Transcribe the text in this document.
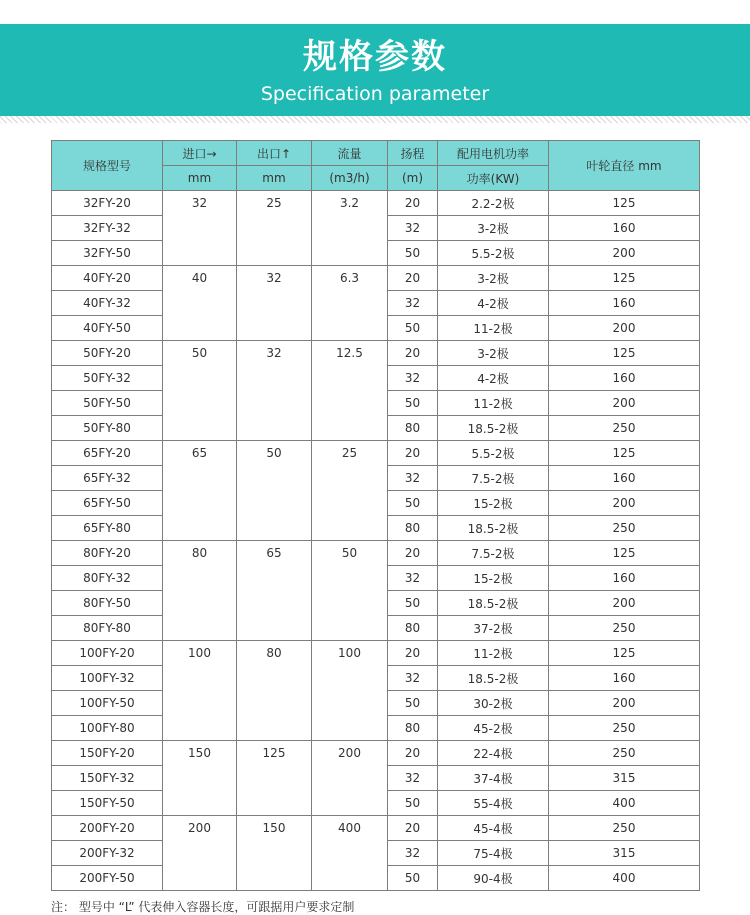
规格参数
Specification parameter
规格型号	进口→	出口↑	流量	扬程	配用电机功率	叶轮直径 mm
	mm	mm	(m3/h)	(m)	功率(KW)	
32FY-20	32	25	3.2	20	2.2-2极	125
32FY-32				32	3-2极	160
32FY-50				50	5.5-2极	200
40FY-20	40	32	6.3	20	3-2极	125
40FY-32				32	4-2极	160
40FY-50				50	11-2极	200
50FY-20	50	32	12.5	20	3-2极	125
50FY-32				32	4-2极	160
50FY-50				50	11-2极	200
50FY-80				80	18.5-2极	250
65FY-20	65	50	25	20	5.5-2极	125
65FY-32				32	7.5-2极	160
65FY-50				50	15-2极	200
65FY-80				80	18.5-2极	250
80FY-20	80	65	50	20	7.5-2极	125
80FY-32				32	15-2极	160
80FY-50				50	18.5-2极	200
80FY-80				80	37-2极	250
100FY-20	100	80	100	20	11-2极	125
100FY-32				32	18.5-2极	160
100FY-50				50	30-2极	200
100FY-80				80	45-2极	250
150FY-20	150	125	200	20	22-4极	250
150FY-32				32	37-4极	315
150FY-50				50	55-4极	400
200FY-20	200	150	400	20	45-4极	250
200FY-32				32	75-4极	315
200FY-50				50	90-4极	400
注： 型号中 “L” 代表伸入容器长度，可跟据用户要求定制
